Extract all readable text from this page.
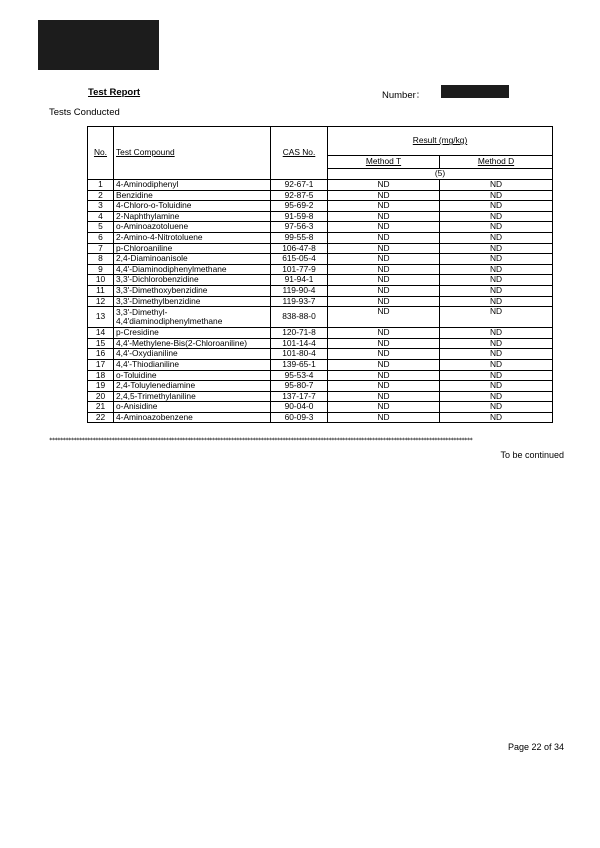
Test Report	Number：
Tests Conducted
No.	Test Compound	CAS No.	Result (mg/kg)	
			Method T	Method D
			(5)	
1	4-Aminodiphenyl	92-67-1	ND	ND
2	Benzidine	92-87-5	ND	ND
3	4-Chloro-o-Toluidine	95-69-2	ND	ND
4	2-Naphthylamine	91-59-8	ND	ND
5	o-Aminoazotoluene	97-56-3	ND	ND
6	2-Amino-4-Nitrotoluene	99-55-8	ND	ND
7	p-Chloroaniline	106-47-8	ND	ND
8	2,4-Diaminoanisole	615-05-4	ND	ND
9	4,4'-Diaminodiphenylmethane	101-77-9	ND	ND
10	3,3'-Dichlorobenzidine	91-94-1	ND	ND
11	3,3'-Dimethoxybenzidine	119-90-4	ND	ND
12	3,3'-Dimethylbenzidine	119-93-7	ND	ND
13	3,3'-Dimethyl-4,4'diaminodiphenylmethane	838-88-0	ND	ND
14	p-Cresidine	120-71-8	ND	ND
15	4,4'-Methylene-Bis(2-Chloroaniline)	101-14-4	ND	ND
16	4,4'-Oxydianiline	101-80-4	ND	ND
17	4,4'-Thiodianiline	139-65-1	ND	ND
18	o-Toluidine	95-53-4	ND	ND
19	2,4-Toluylenediamine	95-80-7	ND	ND
20	2,4,5-Trimethylaniline	137-17-7	ND	ND
21	o-Anisidine	90-04-0	ND	ND
22	4-Aminoazobenzene	60-09-3	ND	ND
************************************************************************************************************************************************************
To be continued
Page 22 of 34
